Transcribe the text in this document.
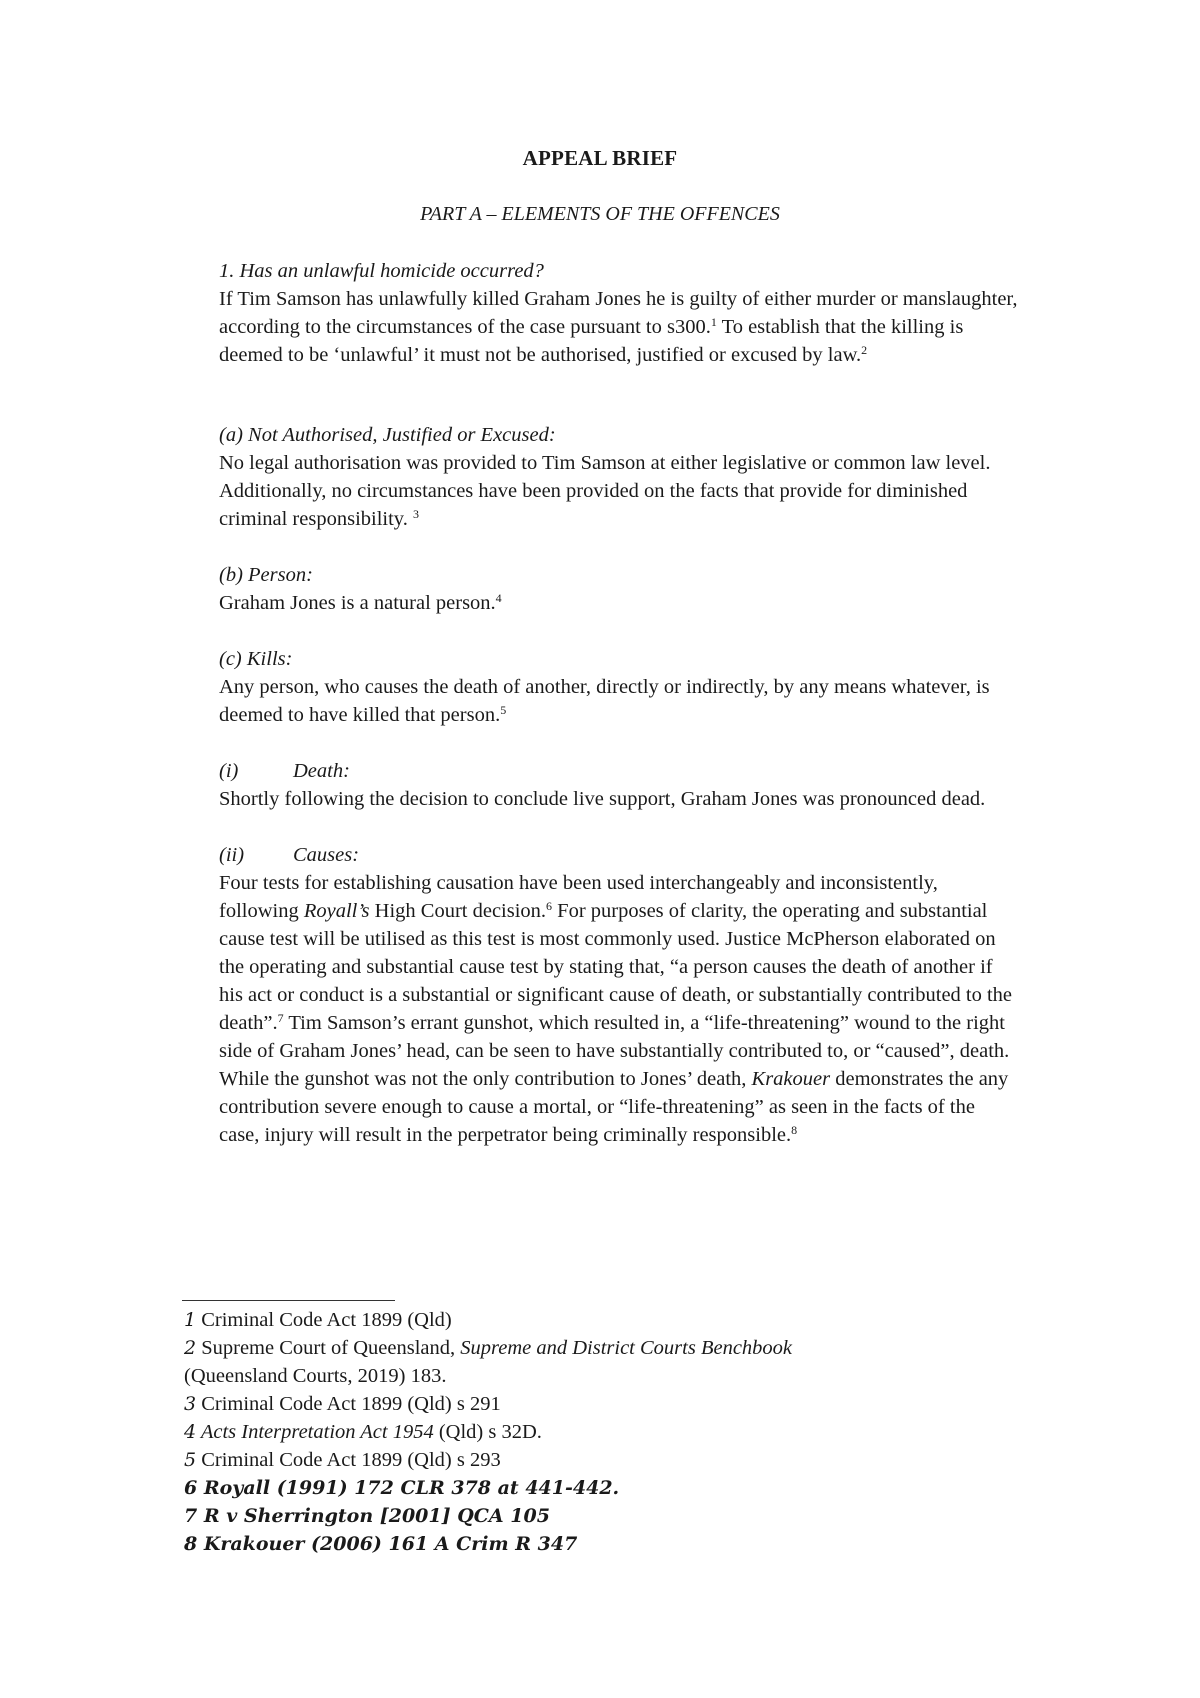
APPEAL BRIEF
PART A – ELEMENTS OF THE OFFENCES
1. Has an unlawful homicide occurred?

If Tim Samson has unlawfully killed Graham Jones he is guilty of either murder or manslaughter, according to the circumstances of the case pursuant to s300.$^1$ To establish that the killing is deemed to be ‘unlawful’ it must not be authorised, justified or excused by law.$^2$

(a) Not Authorised, Justified or Excused:

No legal authorisation was provided to Tim Samson at either legislative or common law level. Additionally, no circumstances have been provided on the facts that provide for diminished criminal responsibility. $^3$

(b) Person:

Graham Jones is a natural person.$^4$

(c) Kills:

Any person, who causes the death of another, directly or indirectly, by any means whatever, is deemed to have killed that person.$^5$

(i)	Death:

Shortly following the decision to conclude live support, Graham Jones was pronounced dead.

(ii) Causes:

Four tests for establishing causation have been used interchangeably and inconsistently, following Royall’s High Court decision.$^6$ For purposes of clarity, the operating and substantial cause test will be utilised as this test is most commonly used. Justice McPherson elaborated on the operating and substantial cause test by stating that, “a person causes the death of another if his act or conduct is a substantial or significant cause of death, or substantially contributed to the death”.$^7$ Tim Samson’s errant gunshot, which resulted in, a “life-threatening” wound to the right side of Graham Jones’ head, can be seen to have substantially contributed to, or “caused”, death. While the gunshot was not the only contribution to Jones’ death, Krakouer demonstrates the any contribution severe enough to cause a mortal, or “life-threatening” as seen in the facts of the case, injury will result in the perpetrator being criminally responsible.$^8$

1 Criminal Code Act 1899 (Qld)

2 Supreme Court of Queensland, Supreme and District Courts Benchbook
(Queensland Courts, 2019) 183.

3 Criminal Code Act 1899 (Qld) s 291

4 Acts Interpretation Act 1954 (Qld) s 32D.

5 Criminal Code Act 1899 (Qld) s 293

6 Royall (1991) 172 CLR 378 at 441-442.

7 R v Sherrington [2001] QCA 105

8 Krakouer (2006) 161 A Crim R 347
